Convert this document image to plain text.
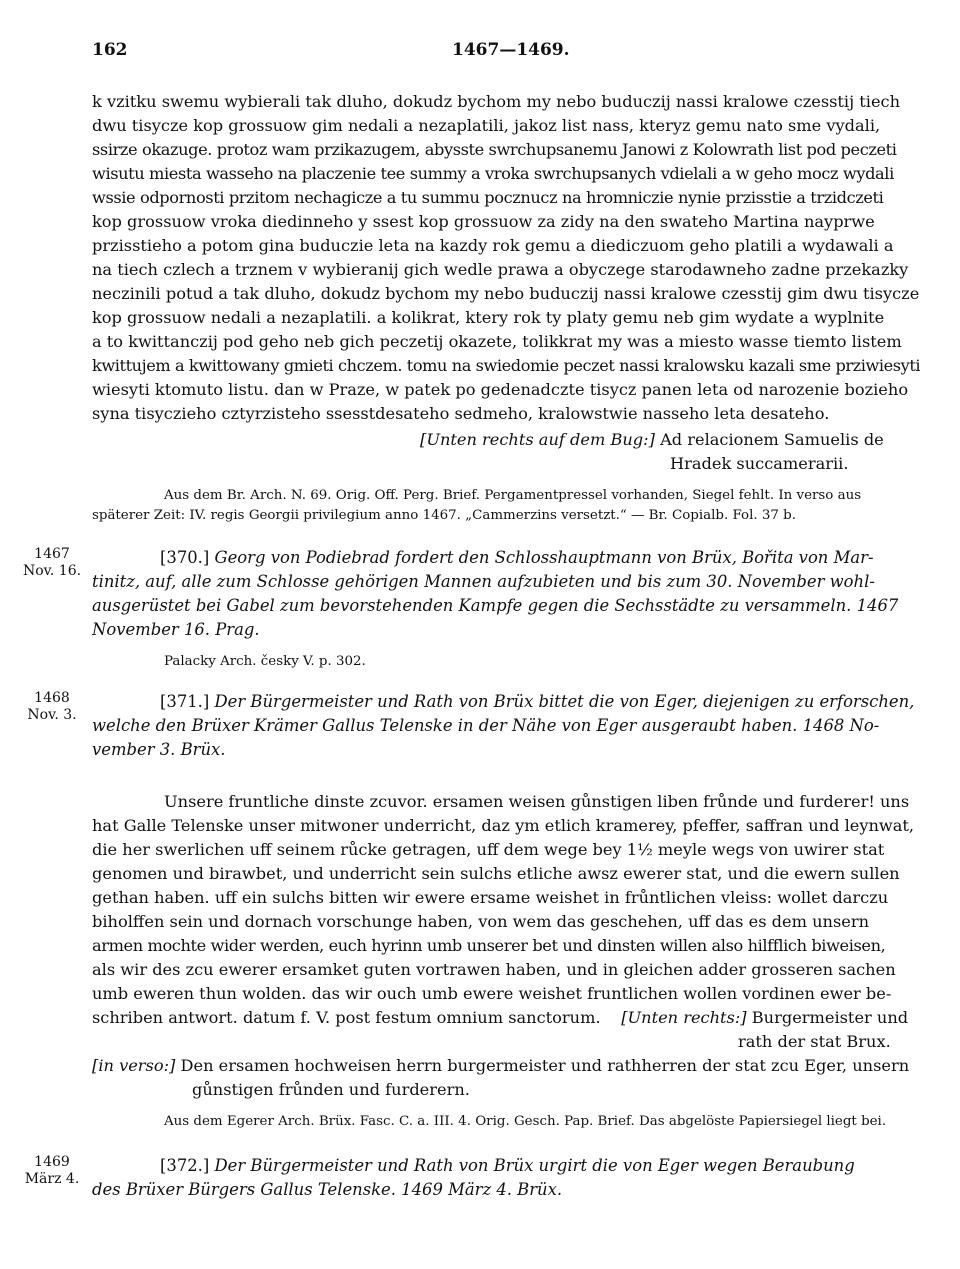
162	1467—1469.
k vzitku swemu wybierali tak dluho, dokudz bychom my nebo buduczij nassi kralowe czesstij tiech
dwu tisycze kop grossuow gim nedali a nezaplatili, jakoz list nass, kteryz gemu nato sme vydali,
ssirze okazuge. protoz wam przikazugem, abysste swrchupsanemu Janowi z Kolowrath list pod peczeti
wisutu miesta wasseho na placzenie tee summy a vroka swrchupsanych vdielali a w geho mocz wydali
wssie odpornosti przitom nechagicze a tu summu pocznucz na hromniczie nynie przisstie a trzidczeti
kop grossuow vroka diedinneho y ssest kop grossuow za zidy na den swateho Martina nayprwe
przisstieho a potom gina buduczie leta na kazdy rok gemu a diediczuom geho platili a wydawali a
na tiech czlech a trznem v wybieranij gich wedle prawa a obyczege starodawneho zadne przekazky
neczinili potud a tak dluho, dokudz bychom my nebo buduczij nassi kralowe czesstij gim dwu tisycze
kop grossuow nedali a nezaplatili. a kolikrat, ktery rok ty platy gemu neb gim wydate a wyplnite
a to kwittanczij pod geho neb gich peczetij okazete, tolikkrat my was a miesto wasse tiemto listem
kwittujem a kwittowany gmieti chczem. tomu na swiedomie peczet nassi kralowsku kazali sme prziwiesyti
wiesyti ktomuto listu. dan w Praze, w patek po gedenadczte tisycz panen leta od narozenie bozieho
syna tisyczieho cztyrzisteho ssesstdesateho sedmeho, kralowstwie nasseho leta desateho.
[Unten rechts auf dem Bug:] Ad relacionem Samuelis de
Hradek succamerarii.
Aus dem Br. Arch. N. 69. Orig. Off. Perg. Brief. Pergamentpressel vorhanden, Siegel fehlt. In verso aus
späterer Zeit: IV. regis Georgii privilegium anno 1467. „Cammerzins versetzt.“ — Br. Copialb. Fol. 37 b.
1467
Nov. 16.
[370.] Georg von Podiebrad fordert den Schlosshauptmann von Brüx, Bořita von Mar-
tinitz, auf, alle zum Schlosse gehörigen Mannen aufzubieten und bis zum 30. November wohl-
ausgerüstet bei Gabel zum bevorstehenden Kampfe gegen die Sechsstädte zu versammeln. 1467
November 16. Prag.
Palacky Arch. česky V. p. 302.
1468
Nov. 3.
[371.] Der Bürgermeister und Rath von Brüx bittet die von Eger, diejenigen zu erforschen,
welche den Brüxer Krämer Gallus Telenske in der Nähe von Eger ausgeraubt haben. 1468 No-
vember 3. Brüx.
Unsere fruntliche dinste zcuvor. ersamen weisen gůnstigen liben frůnde und furderer! uns
hat Galle Telenske unser mitwoner underricht, daz ym etlich kramerey, pfeffer, saffran und leynwat,
die her swerlichen uff seinem růcke getragen, uff dem wege bey 1½ meyle wegs von uwirer stat
genomen und birawbet, und underricht sein sulchs etliche awsz ewerer stat, und die ewern sullen
gethan haben. uff ein sulchs bitten wir ewere ersame weishet in frůntlichen vleiss: wollet darczu
biholffen sein und dornach vorschunge haben, von wem das geschehen, uff das es dem unsern
armen mochte wider werden, euch hyrinn umb unserer bet und dinsten willen also hilfflich biweisen,
als wir des zcu ewerer ersamket guten vortrawen haben, und in gleichen adder grosseren sachen
umb eweren thun wolden. das wir ouch umb ewere weishet fruntlichen wollen vordinen ewer be-
schriben antwort. datum f. V. post festum omnium sanctorum. [Unten rechts:] Burgermeister und
rath der stat Brux.
[in verso:] Den ersamen hochweisen herrn burgermeister und rathherren der stat zcu Eger, unsern
gůnstigen frůnden und furderern.
Aus dem Egerer Arch. Brüx. Fasc. C. a. III. 4. Orig. Gesch. Pap. Brief. Das abgelöste Papiersiegel liegt bei.
1469
März 4.
[372.] Der Bürgermeister und Rath von Brüx urgirt die von Eger wegen Beraubung
des Brüxer Bürgers Gallus Telenske. 1469 März 4. Brüx.
